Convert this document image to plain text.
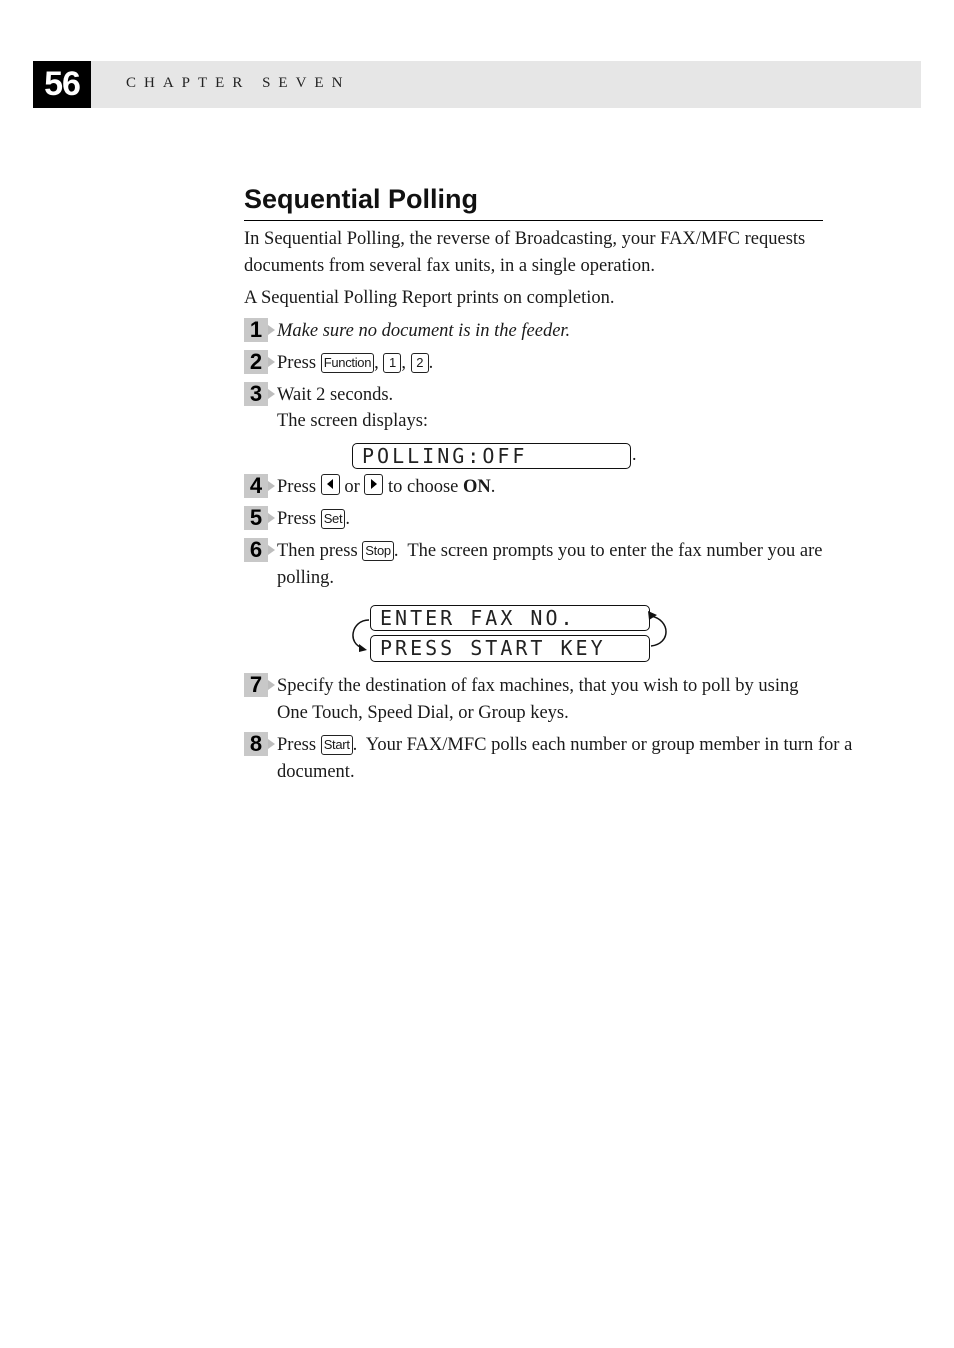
56	CHAPTER SEVEN
Sequential Polling
In Sequential Polling, the reverse of Broadcasting, your FAX/MFC requests documents from several fax units, in a single operation.
A Sequential Polling Report prints on completion.
1 Make sure no document is in the feeder.
2 Press Function , 1 , 2 .
3 Wait 2 seconds.
The screen displays:
POLLING:OFF	.
4 Press or to choose ON.
5 Press Set .
6 Then press Stop .  The screen prompts you to enter the fax number you are
polling.
ENTER FAX NO.
PRESS START KEY
7 Specify the destination of fax machines, that you wish to poll by using One Touch, Speed Dial, or Group keys.
8 Press Start .  Your FAX/MFC polls each number or group member in turn for a
document.
